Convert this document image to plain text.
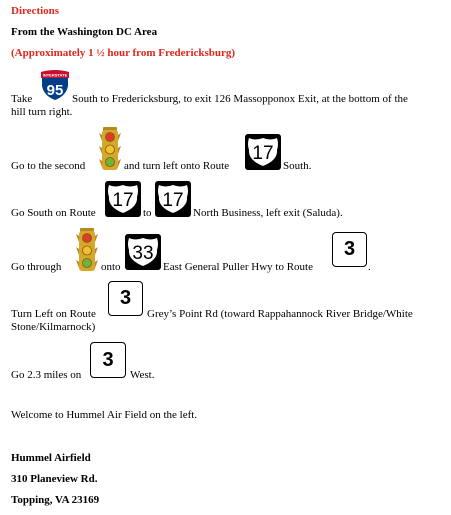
Directions
From the Washington DC Area
(Approximately 1 ½ hour from Fredericksburg)
Take
INTERSTATE
95 South to Fredericksburg, to exit 126 Massopponox Exit, at the bottom of the
hill turn right.
Go to the second	and turn left onto Route
17
South.
Go South on Route
17
to
17
North Business, left exit (Saluda).
Go through	onto
33
East General Puller Hwy to Route
3
.
Turn Left on Route
3
Grey’s Point Rd (toward Rappahannock River Bridge/White
Stone/Kilmarnock)
Go 2.3 miles on
3
West.
Welcome to Hummel Air Field on the left.
Hummel Airfield
310 Planeview Rd.
Topping, VA 23169
